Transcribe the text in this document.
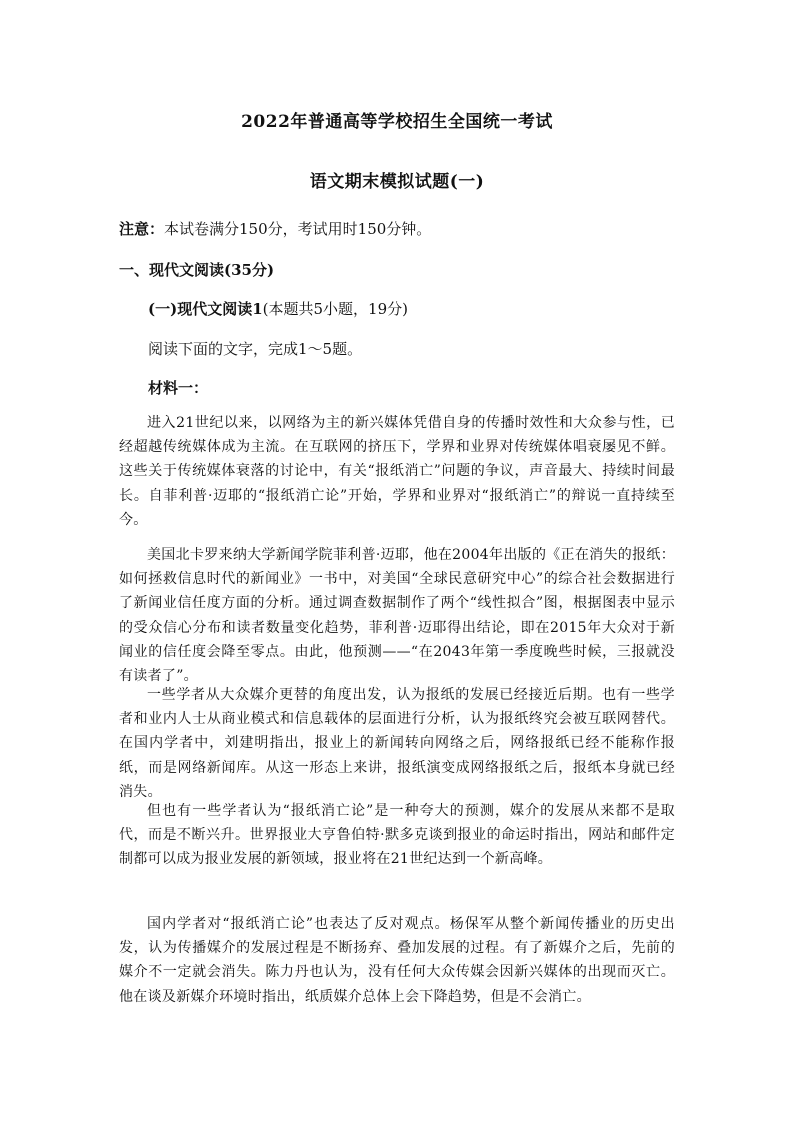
2022年普通高等学校招生全国统一考试
语文期末模拟试题(一)
注意：本试卷满分150分，考试用时150分钟。
一、现代文阅读(35分)
(一)现代文阅读1(本题共5小题，19分)
阅读下面的文字，完成1～5题。
材料一：

进入21世纪以来，以网络为主的新兴媒体凭借自身的传播时效性和大众参与性，已经超越传统媒体成为主流。在互联网的挤压下，学界和业界对传统媒体唱衰屡见不鲜。这些关于传统媒体衰落的讨论中，有关“报纸消亡”问题的争议，声音最大、持续时间最长。自菲利普·迈耶的“报纸消亡论”开始，学界和业界对“报纸消亡”的辩说一直持续至今。

美国北卡罗来纳大学新闻学院菲利普·迈耶，他在2004年出版的《正在消失的报纸：如何拯救信息时代的新闻业》一书中，对美国“全球民意研究中心”的综合社会数据进行了新闻业信任度方面的分析。通过调查数据制作了两个“线性拟合”图，根据图表中显示的受众信心分布和读者数量变化趋势，菲利普·迈耶得出结论，即在2015年大众对于新闻业的信任度会降至零点。由此，他预测——“在2043年第一季度晚些时候，三报就没有读者了”。

一些学者从大众媒介更替的角度出发，认为报纸的发展已经接近后期。也有一些学者和业内人士从商业模式和信息载体的层面进行分析，认为报纸终究会被互联网替代。在国内学者中，刘建明指出，报业上的新闻转向网络之后，网络报纸已经不能称作报纸，而是网络新闻库。从这一形态上来讲，报纸演变成网络报纸之后，报纸本身就已经消失。

但也有一些学者认为“报纸消亡论”是一种夸大的预测，媒介的发展从来都不是取代，而是不断兴升。世界报业大亨鲁伯特·默多克谈到报业的命运时指出，网站和邮件定制都可以成为报业发展的新领域，报业将在21世纪达到一个新高峰。

国内学者对“报纸消亡论”也表达了反对观点。杨保军从整个新闻传播业的历史出发，认为传播媒介的发展过程是不断扬弃、叠加发展的过程。有了新媒介之后，先前的媒介不一定就会消失。陈力丹也认为，没有任何大众传媒会因新兴媒体的出现而灭亡。他在谈及新媒介环境时指出，纸质媒介总体上会下降趋势，但是不会消亡。
